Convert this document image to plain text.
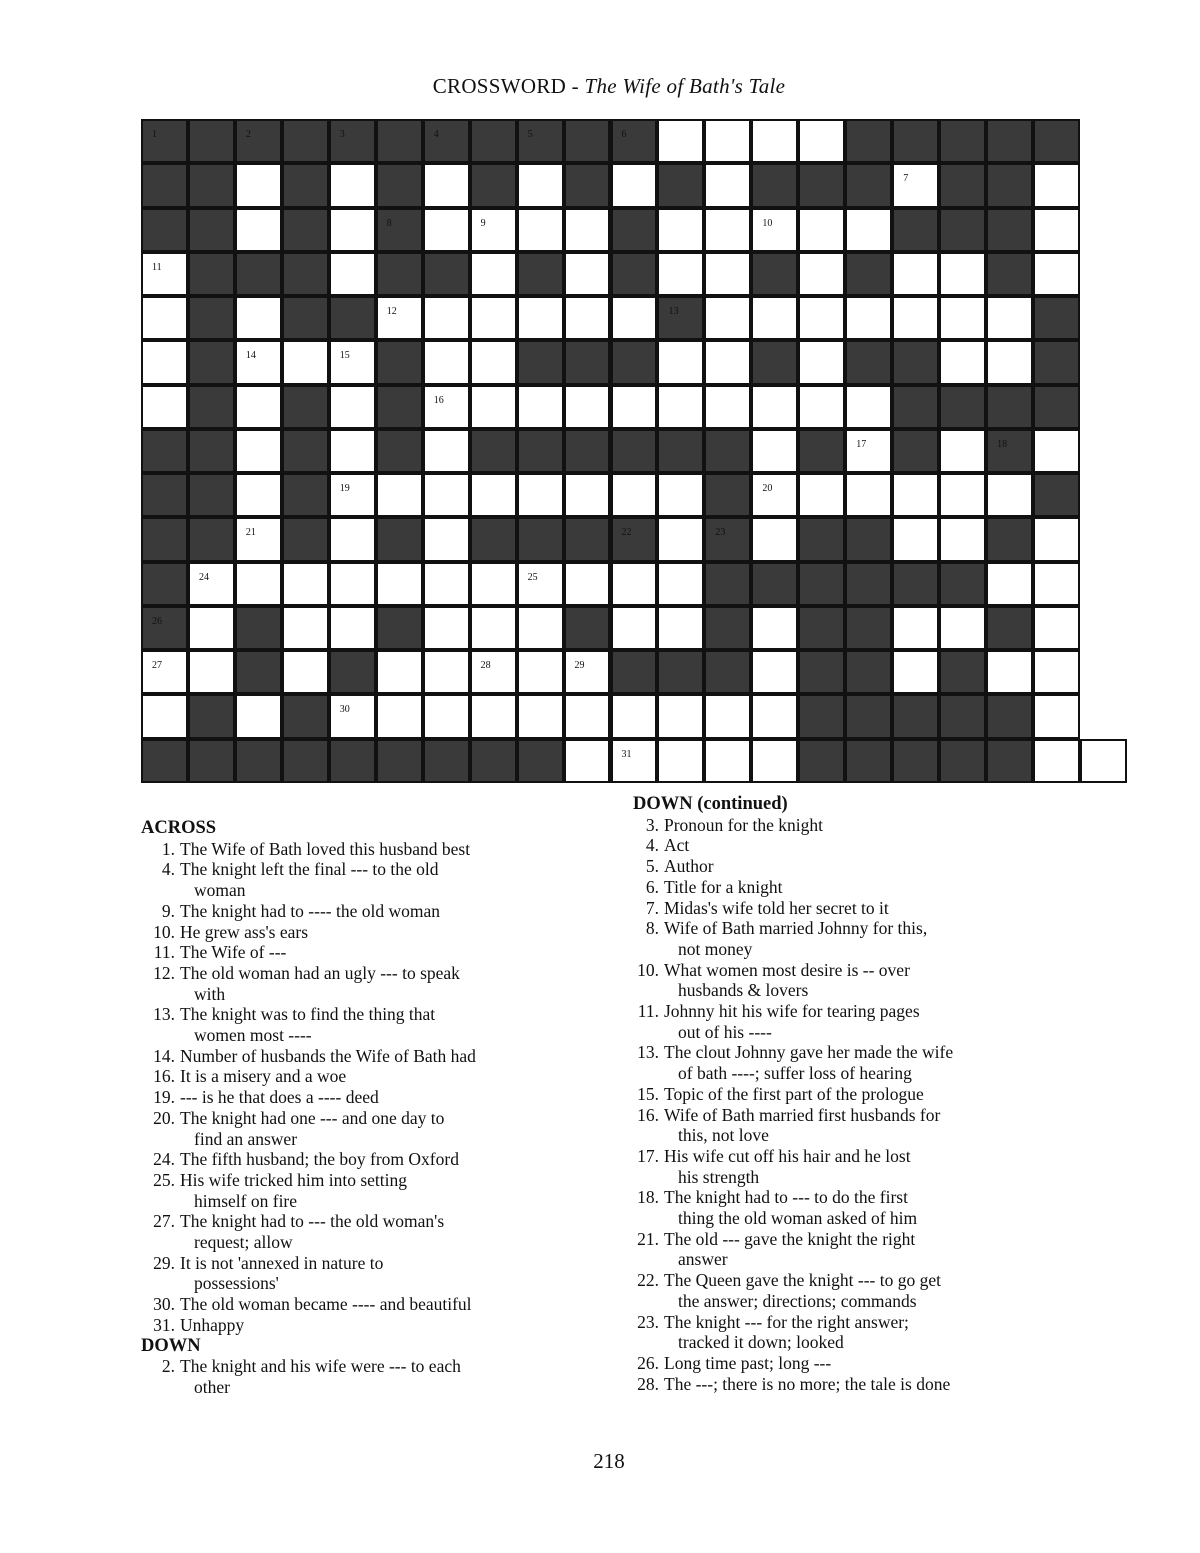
CROSSWORD - The Wife of Bath's Tale
1	2	3	4	5	6
7
8	9	10
11
12	13
14	15
16
17	18
19	20
21	22	23
24	25
26
27	28	29
30
31
ACROSS
1. The Wife of Bath loved this husband best
4. The knight left the final --- to the old
woman
9. The knight had to ---- the old woman
10. He grew ass's ears
11. The Wife of ---
12. The old woman had an ugly --- to speak
with
13. The knight was to find the thing that
women most ----
14. Number of husbands the Wife of Bath had
16. It is a misery and a woe
19. --- is he that does a ---- deed
20. The knight had one --- and one day to
find an answer
24. The fifth husband; the boy from Oxford
25. His wife tricked him into setting
himself on fire
27. The knight had to --- the old woman's
request; allow
29. It is not 'annexed in nature to
possessions'
30. The old woman became ---- and beautiful
31. Unhappy
DOWN
2. The knight and his wife were --- to each
other
DOWN (continued)
3. Pronoun for the knight
4. Act
5. Author
6. Title for a knight
7. Midas's wife told her secret to it
8. Wife of Bath married Johnny for this,
not money
10. What women most desire is -- over
husbands & lovers
11. Johnny hit his wife for tearing pages
out of his ----
13. The clout Johnny gave her made the wife
of bath ----; suffer loss of hearing
15. Topic of the first part of the prologue
16. Wife of Bath married first husbands for
this, not love
17. His wife cut off his hair and he lost
his strength
18. The knight had to --- to do the first
thing the old woman asked of him
21. The old --- gave the knight the right
answer
22. The Queen gave the knight --- to go get
the answer; directions; commands
23. The knight --- for the right answer;
tracked it down; looked
26. Long time past; long ---
28. The ---; there is no more; the tale is done
218
